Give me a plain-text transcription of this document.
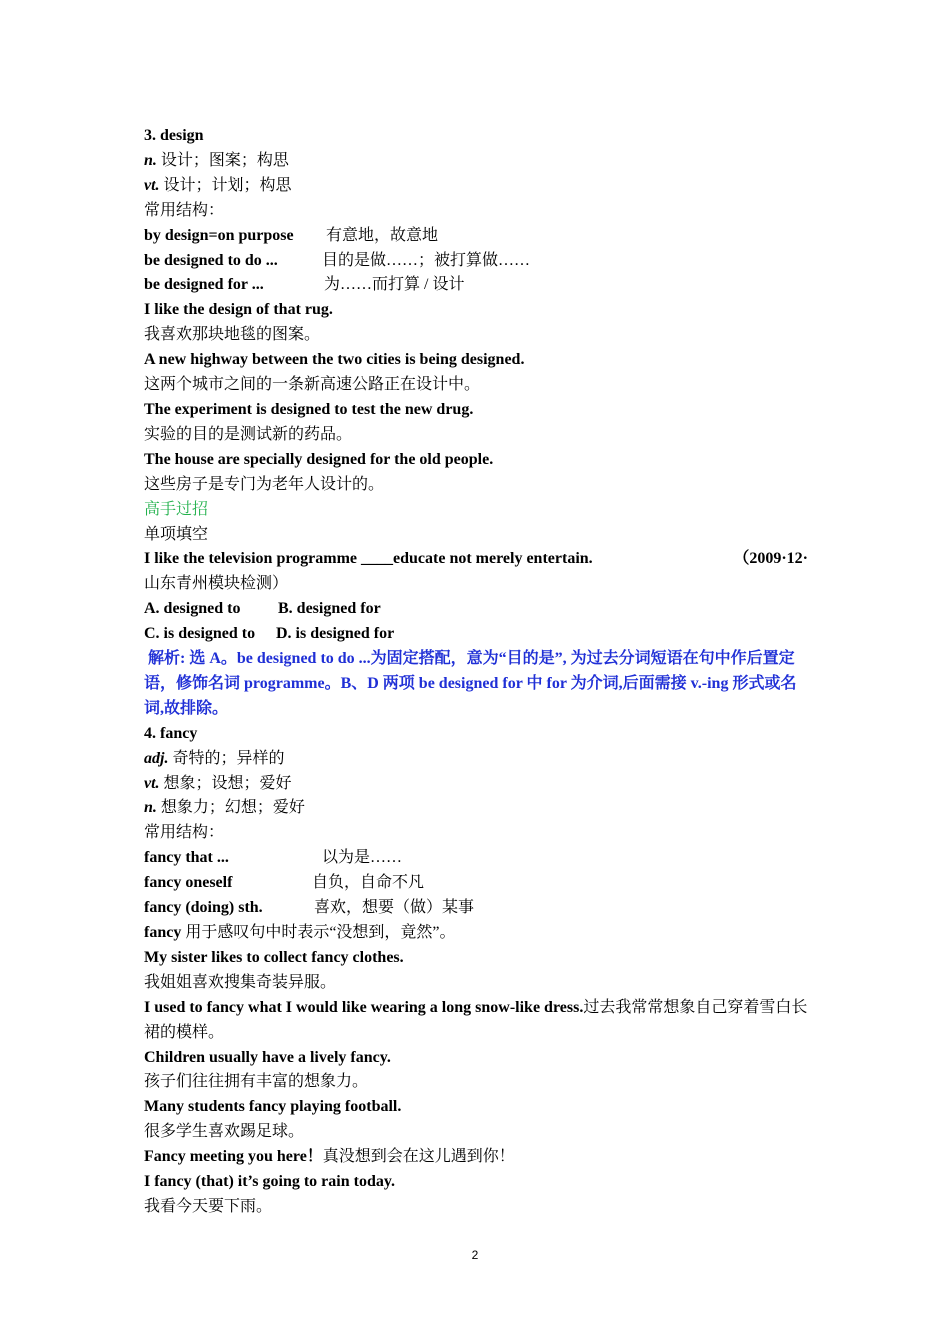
3. design
n. 设计；图案；构思
vt. 设计；计划；构思
常用结构：
by design=on purpose 有意地，故意地
be designed to do ...	目的是做……；被打算做……
be designed for ...	为……而打算 / 设计
I like the design of that rug.
我喜欢那块地毯的图案。
A new highway between the two cities is being designed.
这两个城市之间的一条新高速公路正在设计中。
The experiment is designed to test the new drug.
实验的目的是测试新的药品。
The house are specially designed for the old people.
这些房子是专门为老年人设计的。
高手过招
单项填空
I like the television programme ____educate not merely entertain.	（2009·12·
山东青州模块检测）
A. designed to B. designed for
C. is designed to D. is designed for
解析: 选 A。be designed to do ...为固定搭配，意为“目的是”, 为过去分词短语在句中作后置定语，修饰名词 programme。B、D 两项 be designed for 中 for 为介词,后面需接 v.-ing 形式或名词,故排除。
4. fancy
adj. 奇特的；异样的
vt. 想象；设想；爱好
n. 想象力；幻想；爱好
常用结构：
fancy that ...	以为是……
fancy oneself	自负，自命不凡
fancy (doing) sth.	喜欢，想要（做）某事
fancy 用于感叹句中时表示“没想到，竟然”。
My sister likes to collect fancy clothes.
我姐姐喜欢搜集奇装异服。
I used to fancy what I would like wearing a long snow-like dress.过去我常常想象自己穿着雪白长裙的模样。
Children usually have a lively fancy.
孩子们往往拥有丰富的想象力。
Many students fancy playing football.
很多学生喜欢踢足球。
Fancy meeting you here！真没想到会在这儿遇到你！
I fancy (that) it’s going to rain today.
我看今天要下雨。
2
